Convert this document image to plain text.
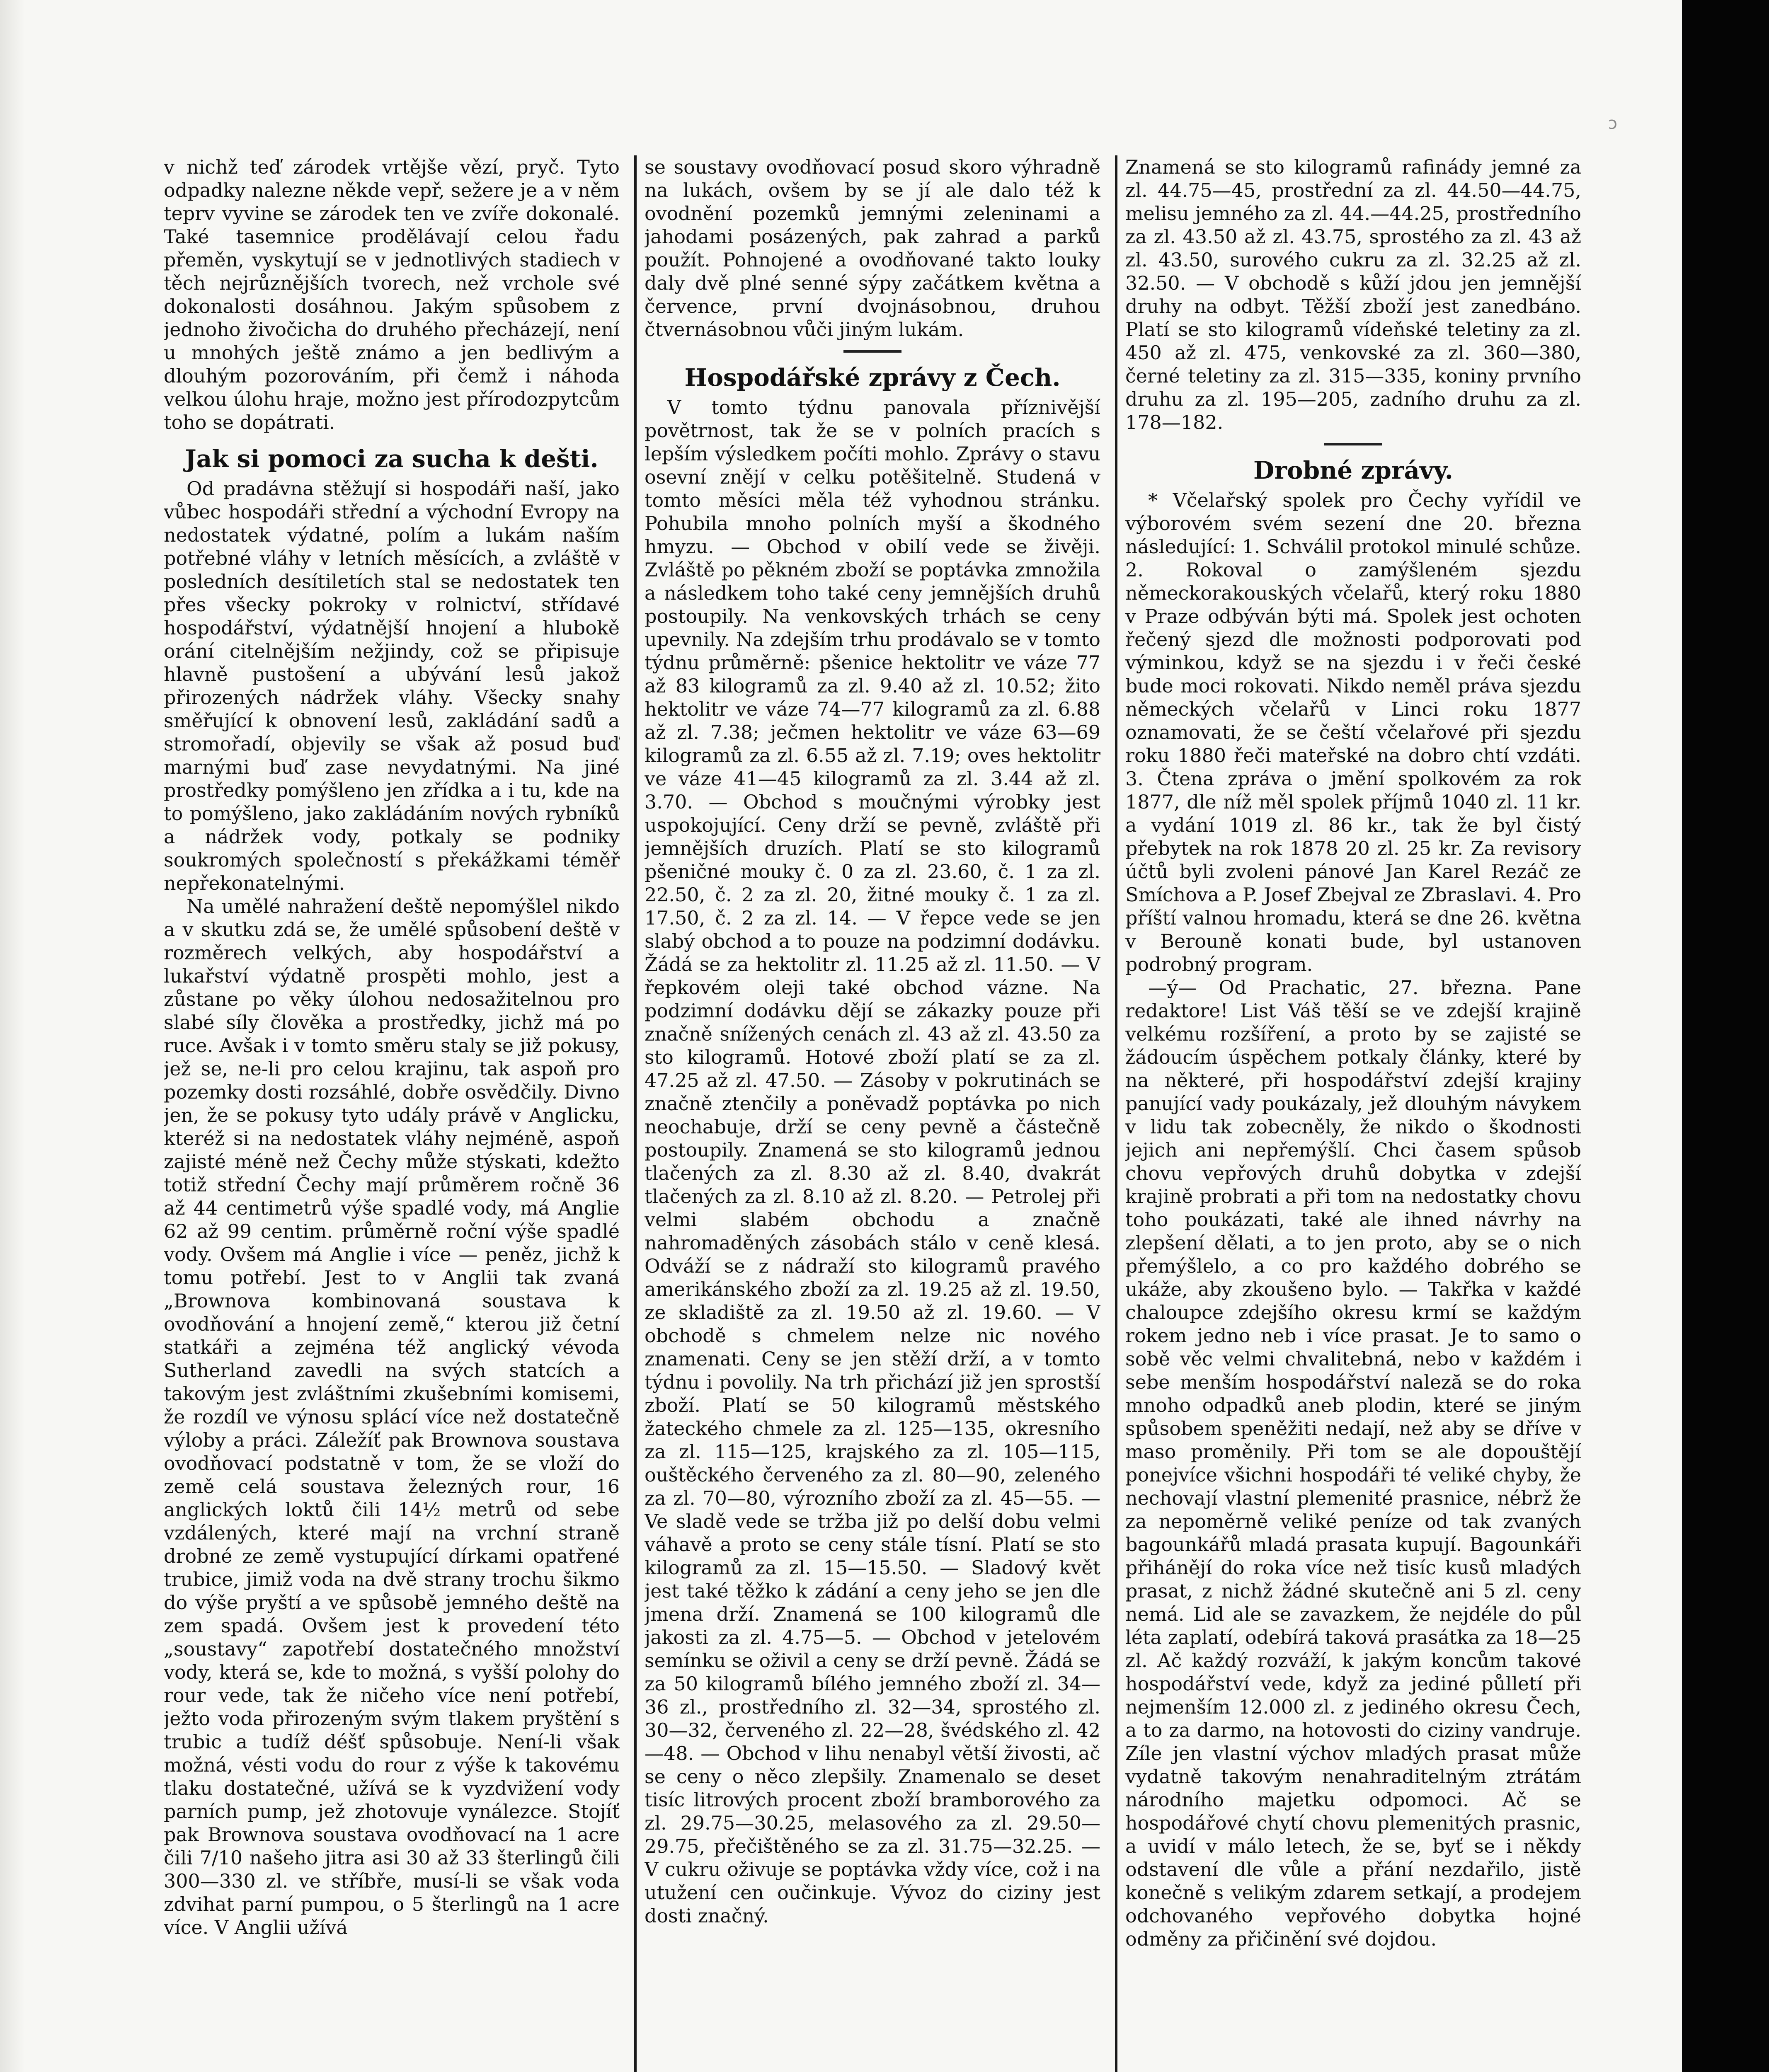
ↄ

v nichž teď zárodek vrtějše vězí, pryč. Tyto odpadky nalezne někde vepř, sežere je a v něm teprv vyvine se zárodek ten ve zvíře dokonalé. Také tasemnice prodělávají celou řadu přeměn, vyskytují se v jednotlivých stadiech v těch nejrůznějších tvorech, než vrchole své dokonalosti dosáhnou. Jakým spůsobem z jednoho živočicha do druhého přecházejí, není u mnohých ještě známo a jen bedlivým a dlouhým pozorováním, při čemž i náhoda velkou úlohu hraje, možno jest přírodozpytcům toho se dopátrati.

Jak si pomoci za sucha k dešti.

Od pradávna stěžují si hospodáři naší, jako vůbec hospodáři střední a východní Evropy na nedostatek výdatné, polím a lukám naším potřebné vláhy v letních měsících, a zvláště v posledních desítiletích stal se nedostatek ten přes všecky pokroky v rolnictví, střídavé hospodářství, výdatnější hnojení a hlubokě orání citelnějším nežjindy, což se připisuje hlavně pustošení a ubývání lesů jakož přirozených nádržek vláhy. Všecky snahy směřující k obnovení lesů, zakládání sadů a stromořadí, objevily se však až posud buď marnými buď zase nevydatnými. Na jiné prostředky pomýšleno jen zřídka a i tu, kde na to pomýšleno, jako zakládáním nových rybníků a nádržek vody, potkaly se podniky soukromých společností s překážkami téměř nepřekonatelnými.

Na umělé nahražení deště nepomýšlel nikdo a v skutku zdá se, že umělé spůsobení deště v rozměrech velkých, aby hospodářství a lukařství výdatně prospěti mohlo, jest a zůstane po věky úlohou nedosažitelnou pro slabé síly člověka a prostředky, jichž má po ruce. Avšak i v tomto směru staly se již pokusy, jež se, ne-li pro celou krajinu, tak aspoň pro pozemky dosti rozsáhlé, dobře osvědčily. Divno jen, že se pokusy tyto udály právě v Anglicku, kteréž si na nedostatek vláhy nejméně, aspoň zajisté méně než Čechy může stýskati, kdežto totiž střední Čechy mají průměrem ročně 36 až 44 centimetrů výše spadlé vody, má Anglie 62 až 99 centim. průměrně roční výše spadlé vody. Ovšem má Anglie i více — peněz, jichž k tomu potřebí. Jest to v Anglii tak zvaná „Brownova kombinovaná soustava k ovodňování a hnojení země,“ kterou již četní statkáři a zejména též anglický vévoda Sutherland zavedli na svých statcích a takovým jest zvláštními zkušebními komisemi, že rozdíl ve výnosu splácí více než dostatečně výloby a práci. Záležíť pak Brownova soustava ovodňovací podstatně v tom, že se vloží do země celá soustava železných rour, 16 anglických loktů čili 14½ metrů od sebe vzdálených, které mají na vrchní straně drobné ze země vystupující dírkami opatřené trubice, jimiž voda na dvě strany trochu šikmo do výše pryští a ve spůsobě jemného deště na zem spadá. Ovšem jest k provedení této „soustavy“ zapotřebí dostatečného množství vody, která se, kde to možná, s vyšší polohy do rour vede, tak že ničeho více není potřebí, ježto voda přirozeným svým tlakem pryštění s trubic a tudíž déšť spůsobuje. Není-li však možná, vésti vodu do rour z výše k takovému tlaku dostatečné, užívá se k vyzdvižení vody parních pump, jež zhotovuje vynálezce. Stojíť pak Brownova soustava ovodňovací na 1 acre čili 7/10 našeho jitra asi 30 až 33 šterlingů čili 300—330 zl. ve stříbře, musí-li se však voda zdvihat parní pumpou, o 5 šterlingů na 1 acre více. V Anglii užívá

se soustavy ovodňovací posud skoro výhradně na lukách, ovšem by se jí ale dalo též k ovodnění pozemků jemnými zeleninami a jahodami posázených, pak zahrad a parků použít. Pohnojené a ovodňované takto louky daly dvě plné senné sýpy začátkem května a července, první dvojnásobnou, druhou čtvernásobnou vůči jiným lukám.

Hospodářské zprávy z Čech.

V tomto týdnu panovala příznivější povětrnost, tak že se v polních pracích s lepším výsledkem počíti mohlo. Zprávy o stavu osevní znějí v celku potěšitelně. Studená v tomto měsíci měla též vyhodnou stránku. Pohubila mnoho polních myší a škodného hmyzu. — Obchod v obilí vede se živěji. Zvláště po pěkném zboží se poptávka zmnožila a následkem toho také ceny jemnějších druhů postoupily. Na venkovských trhách se ceny upevnily. Na zdejším trhu prodávalo se v tomto týdnu průměrně: pšenice hektolitr ve váze 77 až 83 kilogramů za zl. 9.40 až zl. 10.52; žito hektolitr ve váze 74—77 kilogramů za zl. 6.88 až zl. 7.38; ječmen hektolitr ve váze 63—69 kilogramů za zl. 6.55 až zl. 7.19; oves hektolitr ve váze 41—45 kilogramů za zl. 3.44 až zl. 3.70. — Obchod s moučnými výrobky jest uspokojující. Ceny drží se pevně, zvláště při jemnějších druzích. Platí se sto kilogramů pšeničné mouky č. 0 za zl. 23.60, č. 1 za zl. 22.50, č. 2 za zl. 20, žitné mouky č. 1 za zl. 17.50, č. 2 za zl. 14. — V řepce vede se jen slabý obchod a to pouze na podzimní dodávku. Žádá se za hektolitr zl. 11.25 až zl. 11.50. — V řepkovém oleji také obchod vázne. Na podzimní dodávku dějí se zákazky pouze při značně snížených cenách zl. 43 až zl. 43.50 za sto kilogramů. Hotové zboží platí se za zl. 47.25 až zl. 47.50. — Zásoby v pokrutinách se značně ztenčily a poněvadž poptávka po nich neochabuje, drží se ceny pevně a částečně postoupily. Znamená se sto kilogramů jednou tlačených za zl. 8.30 až zl. 8.40, dvakrát tlačených za zl. 8.10 až zl. 8.20. — Petrolej při velmi slabém obchodu a značně nahromaděných zásobách stálo v ceně klesá. Odváží se z nádraží sto kilogramů pravého amerikánského zboží za zl. 19.25 až zl. 19.50, ze skladiště za zl. 19.50 až zl. 19.60. — V obchodě s chmelem nelze nic nového znamenati. Ceny se jen stěží drží, a v tomto týdnu i povolily. Na trh přichází již jen sprostší zboží. Platí se 50 kilogramů městského žateckého chmele za zl. 125—135, okresního za zl. 115—125, krajského za zl. 105—115, ouštěckého červeného za zl. 80—90, zeleného za zl. 70—80, výrozního zboží za zl. 45—55. — Ve sladě vede se tržba již po delší dobu velmi váhavě a proto se ceny stále tísní. Platí se sto kilogramů za zl. 15—15.50. — Sladový květ jest také těžko k zádání a ceny jeho se jen dle jmena drží. Znamená se 100 kilogramů dle jakosti za zl. 4.75—5. — Obchod v jetelovém semínku se oživil a ceny se drží pevně. Žádá se za 50 kilogramů bílého jemného zboží zl. 34—36 zl., prostředního zl. 32—34, sprostého zl. 30—32, červeného zl. 22—28, švédského zl. 42—48. — Obchod v lihu nenabyl větší živosti, ač se ceny o něco zlepšily. Znamenalo se deset tisíc litrových procent zboží bramborového za zl. 29.75—30.25, melasového za zl. 29.50—29.75, přečištěného se za zl. 31.75—32.25. — V cukru oživuje se poptávka vždy více, což i na utužení cen oučinkuje. Vývoz do ciziny jest dosti značný.

Znamená se sto kilogramů rafinády jemné za zl. 44.75—45, prostřední za zl. 44.50—44.75, melisu jemného za zl. 44.—44.25, prostředního za zl. 43.50 až zl. 43.75, sprostého za zl. 43 až zl. 43.50, surového cukru za zl. 32.25 až zl. 32.50. — V obchodě s kůží jdou jen jemnější druhy na odbyt. Těžší zboží jest zanedbáno. Platí se sto kilogramů vídeňské teletiny za zl. 450 až zl. 475, venkovské za zl. 360—380, černé teletiny za zl. 315—335, koniny prvního druhu za zl. 195—205, zadního druhu za zl. 178—182.

Drobné zprávy.

* Včelařský spolek pro Čechy vyřídil ve výborovém svém sezení dne 20. března následující: 1. Schválil protokol minulé schůze. 2. Rokoval o zamýšleném sjezdu německorakouských včelařů, který roku 1880 v Praze odbýván býti má. Spolek jest ochoten řečený sjezd dle možnosti podporovati pod výminkou, když se na sjezdu i v řeči české bude moci rokovati. Nikdo neměl práva sjezdu německých včelařů v Linci roku 1877 oznamovati, že se čeští včelařové při sjezdu roku 1880 řeči mateřské na dobro chtí vzdáti. 3. Čtena zpráva o jmění spolkovém za rok 1877, dle níž měl spolek příjmů 1040 zl. 11 kr. a vydání 1019 zl. 86 kr., tak že byl čistý přebytek na rok 1878 20 zl. 25 kr. Za revisory účtů byli zvoleni pánové Jan Karel Rezáč ze Smíchova a P. Josef Zbejval ze Zbraslavi. 4. Pro příští valnou hromadu, která se dne 26. května v Berouně konati bude, byl ustanoven podrobný program.

—ý— Od Prachatic, 27. března. Pane redaktore! List Váš těší se ve zdejší krajině velkému rozšíření, a proto by se zajisté se žádoucím úspěchem potkaly články, které by na některé, při hospodářství zdejší krajiny panující vady poukázaly, jež dlouhým návykem v lidu tak zobecněly, že nikdo o škodnosti jejich ani nepřemýšlí. Chci časem spůsob chovu vepřových druhů dobytka v zdejší krajině probrati a při tom na nedostatky chovu toho poukázati, také ale ihned návrhy na zlepšení dělati, a to jen proto, aby se o nich přemýšlelo, a co pro každého dobrého se ukáže, aby zkoušeno bylo. — Takřka v každé chaloupce zdejšího okresu krmí se každým rokem jedno neb i více prasat. Je to samo o sobě věc velmi chvalitebná, nebo v každém i sebe menším hospodářství naleză se do roka mnoho odpadků aneb plodin, které se jiným spůsobem speněžiti nedají, než aby se dříve v maso proměnily. Při tom se ale dopouštějí ponejvíce všichni hospodáři té veliké chyby, že nechovají vlastní plemenité prasnice, nébrž že za nepoměrně veliké peníze od tak zvaných bagounkářů mladá prasata kupují. Bagounkáři přihánějí do roka více než tisíc kusů mladých prasat, z nichž žádné skutečně ani 5 zl. ceny nemá. Lid ale se zavazkem, že nejdéle do půl léta zaplatí, odebírá taková prasátka za 18—25 zl. Ač každý rozváží, k jakým koncům takové hospodářství vede, když za jediné půlletí při nejmenším 12.000 zl. z jediného okresu Čech, a to za darmo, na hotovosti do ciziny vandruje. Zíle jen vlastní výchov mladých prasat může vydatně takovým nenahraditelným ztrátám národního majetku odpomoci. Ač se hospodářové chytí chovu plemenitých prasnic, a uvidí v málo letech, že se, byť se i někdy odstavení dle vůle a přání nezdařilo, jistě konečně s velikým zdarem setkají, a prodejem odchovaného vepřového dobytka hojné odměny za přičinění své dojdou.
